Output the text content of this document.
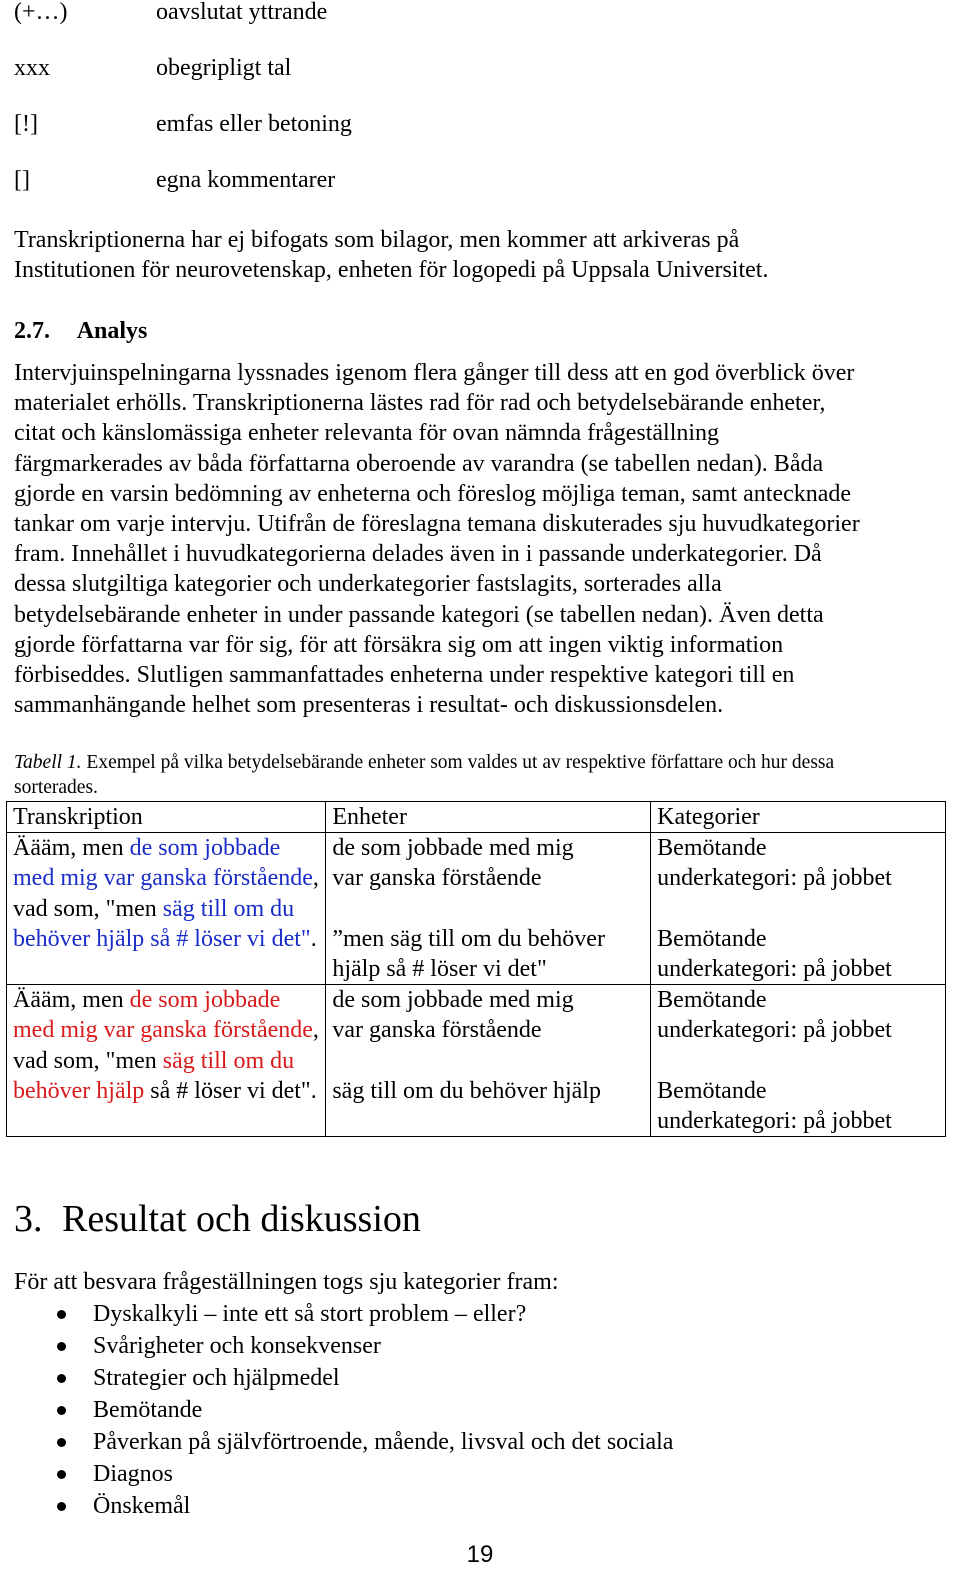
(+…)	oavslutat yttrande
xxx	obegripligt tal
[!]	emfas eller betoning
[]	egna kommentarer
Transkriptionerna har ej bifogats som bilagor, men kommer att arkiveras på
Institutionen för neurovetenskap, enheten för logopedi på Uppsala Universitet.
2.7. Analys
Intervjuinspelningarna lyssnades igenom flera gånger till dess att en god överblick över
materialet erhölls. Transkriptionerna lästes rad för rad och betydelsebärande enheter,
citat och känslomässiga enheter relevanta för ovan nämnda frågeställning
färgmarkerades av båda författarna oberoende av varandra (se tabellen nedan). Båda
gjorde en varsin bedömning av enheterna och föreslog möjliga teman, samt antecknade
tankar om varje intervju. Utifrån de föreslagna temana diskuterades sju huvudkategorier
fram. Innehållet i huvudkategorierna delades även in i passande underkategorier. Då
dessa slutgiltiga kategorier och underkategorier fastslagits, sorterades alla
betydelsebärande enheter in under passande kategori (se tabellen nedan). Även detta
gjorde författarna var för sig, för att försäkra sig om att ingen viktig information
förbiseddes. Slutligen sammanfattades enheterna under respektive kategori till en
sammanhängande helhet som presenteras i resultat- och diskussionsdelen.
Tabell 1. Exempel på vilka betydelsebärande enheter som valdes ut av respektive författare och hur dessa
sorterades.
Transkription	Enheter	Kategorier
Äääm, men de som jobbade med mig var ganska förstående, vad som, "men säg till om du behöver hjälp så # löser vi det".	de som jobbade med mig
var ganska förstående
”men säg till om du behöver
hjälp så # löser vi det"	Bemötande
underkategori: på jobbet
Bemötande
underkategori: på jobbet

Äääm, men de som jobbade med mig var ganska förstående, vad som, "men säg till om du behöver hjälp så # löser vi det".	de som jobbade med mig
var ganska förstående
säg till om du behöver hjälp	Bemötande
underkategori: på jobbet
Bemötande
underkategori: på jobbet
3. Resultat och diskussion
För att besvara frågeställningen togs sju kategorier fram:
Dyskalkyli – inte ett så stort problem – eller?
Svårigheter och konsekvenser
Strategier och hjälpmedel
Bemötande
Påverkan på självförtroende, mående, livsval och det sociala
Diagnos
Önskemål
19
